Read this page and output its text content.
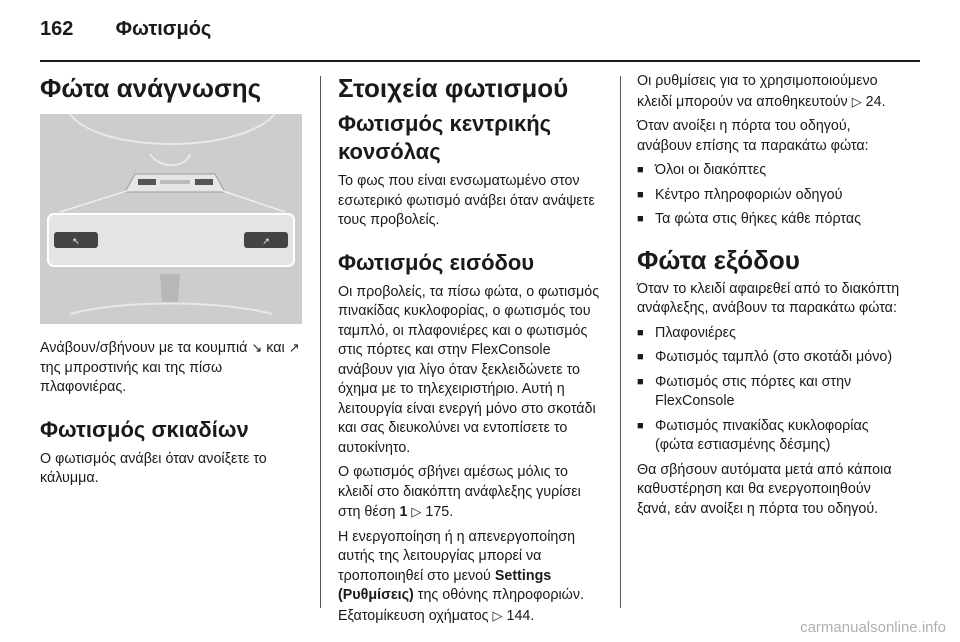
162 Φωτισμός
Φώτα ανάγνωσης
↖	↗

Ανάβουν/σβήνουν με τα κουμπιά ↘ και ↗ της μπροστινής και της πίσω πλαφονιέρας.

Φωτισμός σκιαδίων

Ο φωτισμός ανάβει όταν ανοίξετε το κάλυμμα.

Στοιχεία φωτισμού
Φωτισμός κεντρικής κονσόλας

Το φως που είναι ενσωματωμένο στον εσωτερικό φωτισμό ανάβει όταν ανάψετε τους προβολείς.

Φωτισμός εισόδου

Οι προβολείς, τα πίσω φώτα, ο φωτισμός πινακίδας κυκλοφορίας, ο φωτισμός του ταμπλό, οι πλαφονιέρες και ο φωτισμός στις πόρτες και στην FlexConsole ανάβουν για λίγο όταν ξεκλειδώνετε το όχημα με το τηλεχειριστήριο. Αυτή η λειτουργία είναι ενεργή μόνο στο σκοτάδι και σας διευκολύνει να εντοπίσετε το αυτοκίνητο.

Ο φωτισμός σβήνει αμέσως μόλις το κλειδί στο διακόπτη ανάφλεξης γυρίσει στη θέση 1 ▷ 175.

Η ενεργοποίηση ή η απενεργοποίηση αυτής της λειτουργίας μπορεί να τροποποιηθεί στο μενού Settings (Ρυθμίσεις) της οθόνης πληροφοριών. Εξατομίκευση οχήματος ▷ 144.

Οι ρυθμίσεις για το χρησιμοποιούμενο κλειδί μπορούν να αποθηκευτούν ▷ 24.

Όταν ανοίξει η πόρτα του οδηγού, ανάβουν επίσης τα παρακάτω φώτα:

■ Όλοι οι διακόπτες
■ Κέντρο πληροφοριών οδηγού
■ Τα φώτα στις θήκες κάθε πόρτας
Φώτα εξόδου

Όταν το κλειδί αφαιρεθεί από το διακόπτη ανάφλεξης, ανάβουν τα παρακάτω φώτα:

■ Πλαφονιέρες
■ Φωτισμός ταμπλό (στο σκοτάδι μόνο)
■ Φωτισμός στις πόρτες και στην FlexConsole
■ Φωτισμός πινακίδας κυκλοφορίας (φώτα εστιασμένης δέσμης)

Θα σβήσουν αυτόματα μετά από κάποια καθυστέρηση και θα ενεργοποιηθούν ξανά, εάν ανοίξει η πόρτα του οδηγού.

carmanualsonline.info
